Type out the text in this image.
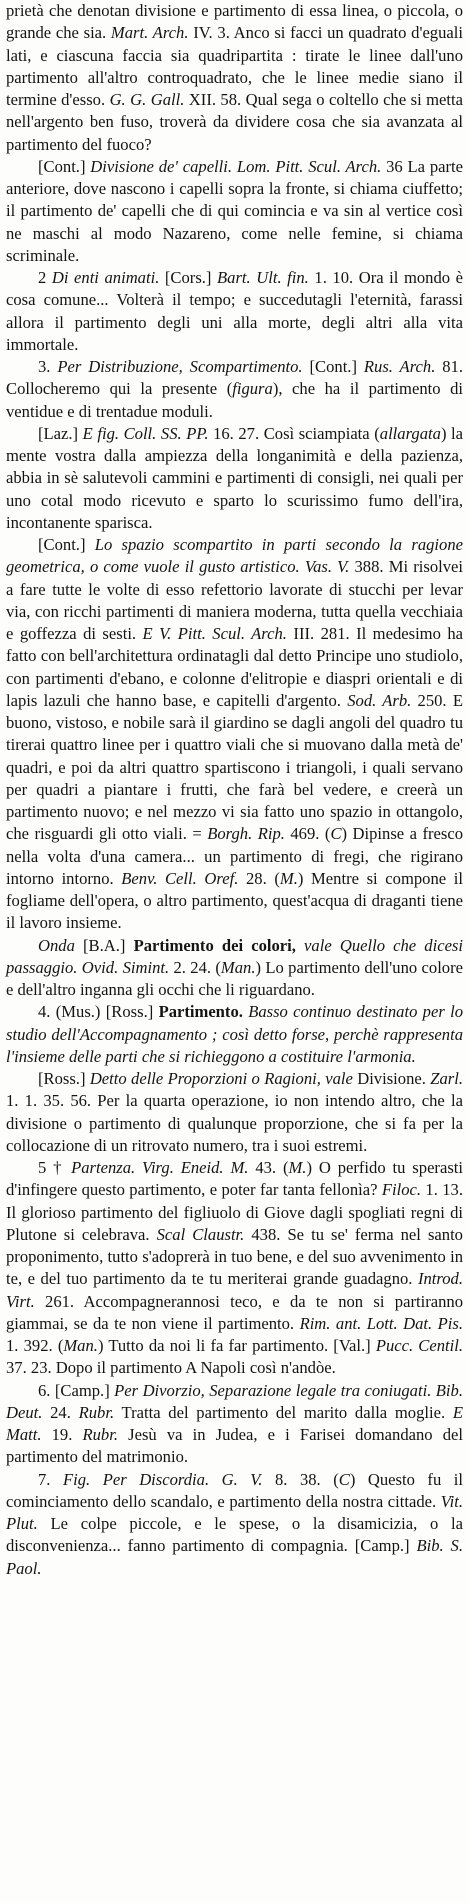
prietà che denotan divisione e partimento di essa linea, o piccola, o grande che sia. Mart. Arch. IV. 3. Anco si facci un quadrato d'eguali lati, e ciascuna faccia sia quadripartita : tirate le linee dall'uno partimento all'altro controquadrato, che le linee medie siano il termine d'esso. G. G. Gall. XII. 58. Qual sega o coltello che si metta nell'argento ben fuso, troverà da dividere cosa che sia avanzata al partimento del fuoco?

[Cont.] Divisione de' capelli. Lom. Pitt. Scul. Arch. 36 La parte anteriore, dove nascono i capelli sopra la fronte, si chiama ciuffetto; il partimento de' capelli che di qui comincia e va sin al vertice così ne maschi al modo Nazareno, come nelle femine, si chiama scriminale.

2 Di enti animati. [Cors.] Bart. Ult. fin. 1. 10. Ora il mondo è cosa comune... Volterà il tempo; e succedutagli l'eternità, farassi allora il partimento degli uni alla morte, degli altri alla vita immortale.

3. Per Distribuzione, Scompartimento. [Cont.] Rus. Arch. 81. Collocheremo qui la presente (figura), che ha il partimento di ventidue e di trentadue moduli.

[Laz.] E fig. Coll. SS. PP. 16. 27. Così sciampiata (allargata) la mente vostra dalla ampiezza della longanimità e della pazienza, abbia in sè salutevoli cammini e partimenti di consigli, nei quali per uno cotal modo ricevuto e sparto lo scurissimo fumo dell'ira, incontanente sparisca.

[Cont.] Lo spazio scompartito in parti secondo la ragione geometrica, o come vuole il gusto artistico. Vas. V. 388. Mi risolvei a fare tutte le volte di esso refettorio lavorate di stucchi per levar via, con ricchi partimenti di maniera moderna, tutta quella vecchiaia e goffezza di sesti. E V. Pitt. Scul. Arch. III. 281. Il medesimo ha fatto con bell'architettura ordinatagli dal detto Principe uno studiolo, con partimenti d'ebano, e colonne d'elitropie e diaspri orientali e di lapis lazuli che hanno base, e capitelli d'argento. Sod. Arb. 250. E buono, vistoso, e nobile sarà il giardino se dagli angoli del quadro tu tirerai quattro linee per i quattro viali che si muovano dalla metà de' quadri, e poi da altri quattro spartiscono i triangoli, i quali servano per quadri a piantare i frutti, che farà bel vedere, e creerà un partimento nuovo; e nel mezzo vi sia fatto uno spazio in ottangolo, che risguardi gli otto viali. = Borgh. Rip. 469. (C) Dipinse a fresco nella volta d'una camera... un partimento di fregi, che rigirano intorno intorno. Benv. Cell. Oref. 28. (M.) Mentre si compone il fogliame dell'opera, o altro partimento, quest'acqua di draganti tiene il lavoro insieme.

Onda [B.A.] Partimento dei colori, vale Quello che dicesi passaggio. Ovid. Simint. 2. 24. (Man.) Lo partimento dell'uno colore e dell'altro inganna gli occhi che li riguardano.

4. (Mus.) [Ross.] Partimento. Basso continuo destinato per lo studio dell'Accompagnamento ; così detto forse, perchè rappresenta l'insieme delle parti che si richieggono a costituire l'armonia.

[Ross.] Detto delle Proporzioni o Ragioni, vale Divisione. Zarl. 1. 1. 35. 56. Per la quarta operazione, io non intendo altro, che la divisione o partimento di qualunque proporzione, che si fa per la collocazione di un ritrovato numero, tra i suoi estremi.

5 † Partenza. Virg. Eneid. M. 43. (M.) O perfido tu sperasti d'infingere questo partimento, e poter far tanta fellonìa? Filoc. 1. 13. Il glorioso partimento del figliuolo di Giove dagli spogliati regni di Plutone si celebrava. Scal Claustr. 438. Se tu se' ferma nel santo proponimento, tutto s'adoprerà in tuo bene, e del suo avvenimento in te, e del tuo partimento da te tu meriterai grande guadagno. Introd. Virt. 261. Accompagnerannosi teco, e da te non si partiranno giammai, se da te non viene il partimento. Rim. ant. Lott. Dat. Pis. 1. 392. (Man.) Tutto da noi li fa far partimento. [Val.] Pucc. Centil. 37. 23. Dopo il partimento A Napoli così n'andòe.

6. [Camp.] Per Divorzio, Separazione legale tra coniugati. Bib. Deut. 24. Rubr. Tratta del partimento del marito dalla moglie. E Matt. 19. Rubr. Jesù va in Judea, e i Farisei domandano del partimento del matrimonio.

7. Fig. Per Discordia. G. V. 8. 38. (C) Questo fu il cominciamento dello scandalo, e partimento della nostra cittade. Vit. Plut. Le colpe piccole, e le spese, o la disamicizia, o la disconvenienza... fanno partimento di compagnia. [Camp.] Bib. S. Paol.
